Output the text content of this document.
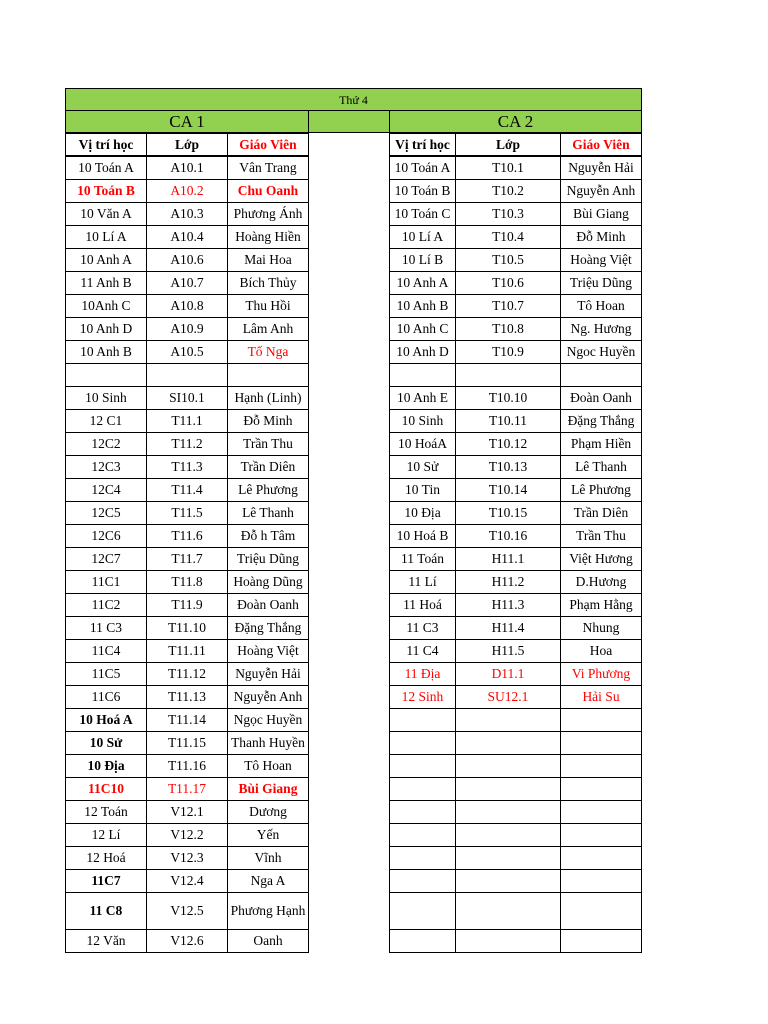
Thứ 4
CA 1	CA 2
Vị trí học	Lớp	Giáo Viên	Vị trí học	Lớp	Giáo Viên
10 Toán A	A10.1	Vân Trang	10 Toán A	T10.1	Nguyễn Hải
10 Toán B	A10.2	Chu Oanh	10 Toán B	T10.2	Nguyễn Anh
10 Văn A	A10.3	Phương Ánh	10 Toán C	T10.3	Bùi Giang
10 Lí A	A10.4	Hoàng Hiền	10 Lí A	T10.4	Đỗ Minh
10 Anh A	A10.6	Mai Hoa	10 Lí B	T10.5	Hoàng Việt
11 Anh B	A10.7	Bích Thủy	10 Anh A	T10.6	Triệu Dũng
10Anh C	A10.8	Thu Hồi	10 Anh B	T10.7	Tô Hoan
10 Anh D	A10.9	Lâm Anh	10 Anh C	T10.8	Ng. Hương
10 Anh B	A10.5	Tố Nga	10 Anh D	T10.9	Ngoc Huyền
10 Sinh	SI10.1	Hạnh (Linh)	10 Anh E	T10.10	Đoàn Oanh
12 C1	T11.1	Đỗ Minh	10 Sinh	T10.11	Đặng Thắng
12C2	T11.2	Trần Thu	10 HoáA	T10.12	Phạm Hiền
12C3	T11.3	Trần Diên	10 Sử	T10.13	Lê Thanh
12C4	T11.4	Lê Phương	10 Tin	T10.14	Lê Phương
12C5	T11.5	Lê Thanh	10 Địa	T10.15	Trần Diên
12C6	T11.6	Đỗ h Tâm	10 Hoá B	T10.16	Trần Thu
12C7	T11.7	Triệu Dũng	11 Toán	H11.1	Việt Hương
11C1	T11.8	Hoàng Dũng	11 Lí	H11.2	D.Hương
11C2	T11.9	Đoàn Oanh	11 Hoá	H11.3	Phạm Hằng
11 C3	T11.10	Đặng Thắng	11 C3	H11.4	Nhung
11C4	T11.11	Hoàng Việt	11 C4	H11.5	Hoa
11C5	T11.12	Nguyễn Hải	11 Địa	D11.1	Vi Phương
11C6	T11.13	Nguyễn Anh	12 Sinh	SU12.1	Hải Su
10 Hoá A	T11.14	Ngọc Huyền
10 Sử	T11.15	Thanh Huyền
10 Địa	T11.16	Tô Hoan
11C10	T11.17	Bùi Giang
12 Toán	V12.1	Dương
12 Lí	V12.2	Yến
12 Hoá	V12.3	Vĩnh
11C7	V12.4	Nga A
11 C8	V12.5	Phương Hạnh
12 Văn	V12.6	Oanh
